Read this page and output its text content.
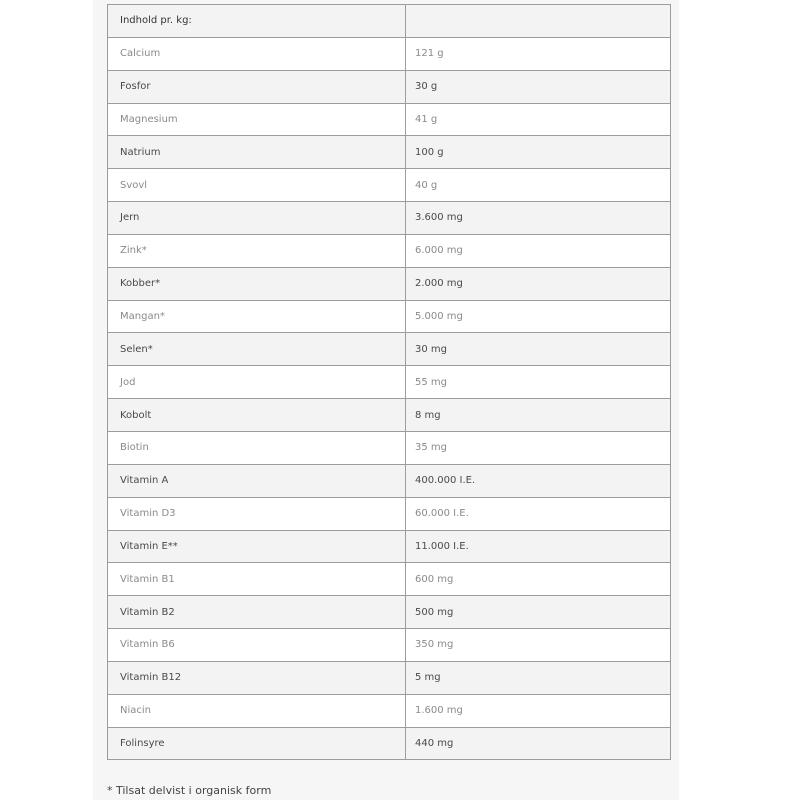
Indhold pr. kg:	
Calcium	121 g
Fosfor	30 g
Magnesium	41 g
Natrium	100 g
Svovl	40 g
Jern	3.600 mg
Zink*	6.000 mg
Kobber*	2.000 mg
Mangan*	5.000 mg
Selen*	30 mg
Jod	55 mg
Kobolt	8 mg
Biotin	35 mg
Vitamin A	400.000 I.E.
Vitamin D3	60.000 I.E.
Vitamin E**	11.000 I.E.
Vitamin B1	600 mg
Vitamin B2	500 mg
Vitamin B6	350 mg
Vitamin B12	5 mg
Niacin	1.600 mg
Folinsyre	440 mg
* Tilsat delvist i organisk form
